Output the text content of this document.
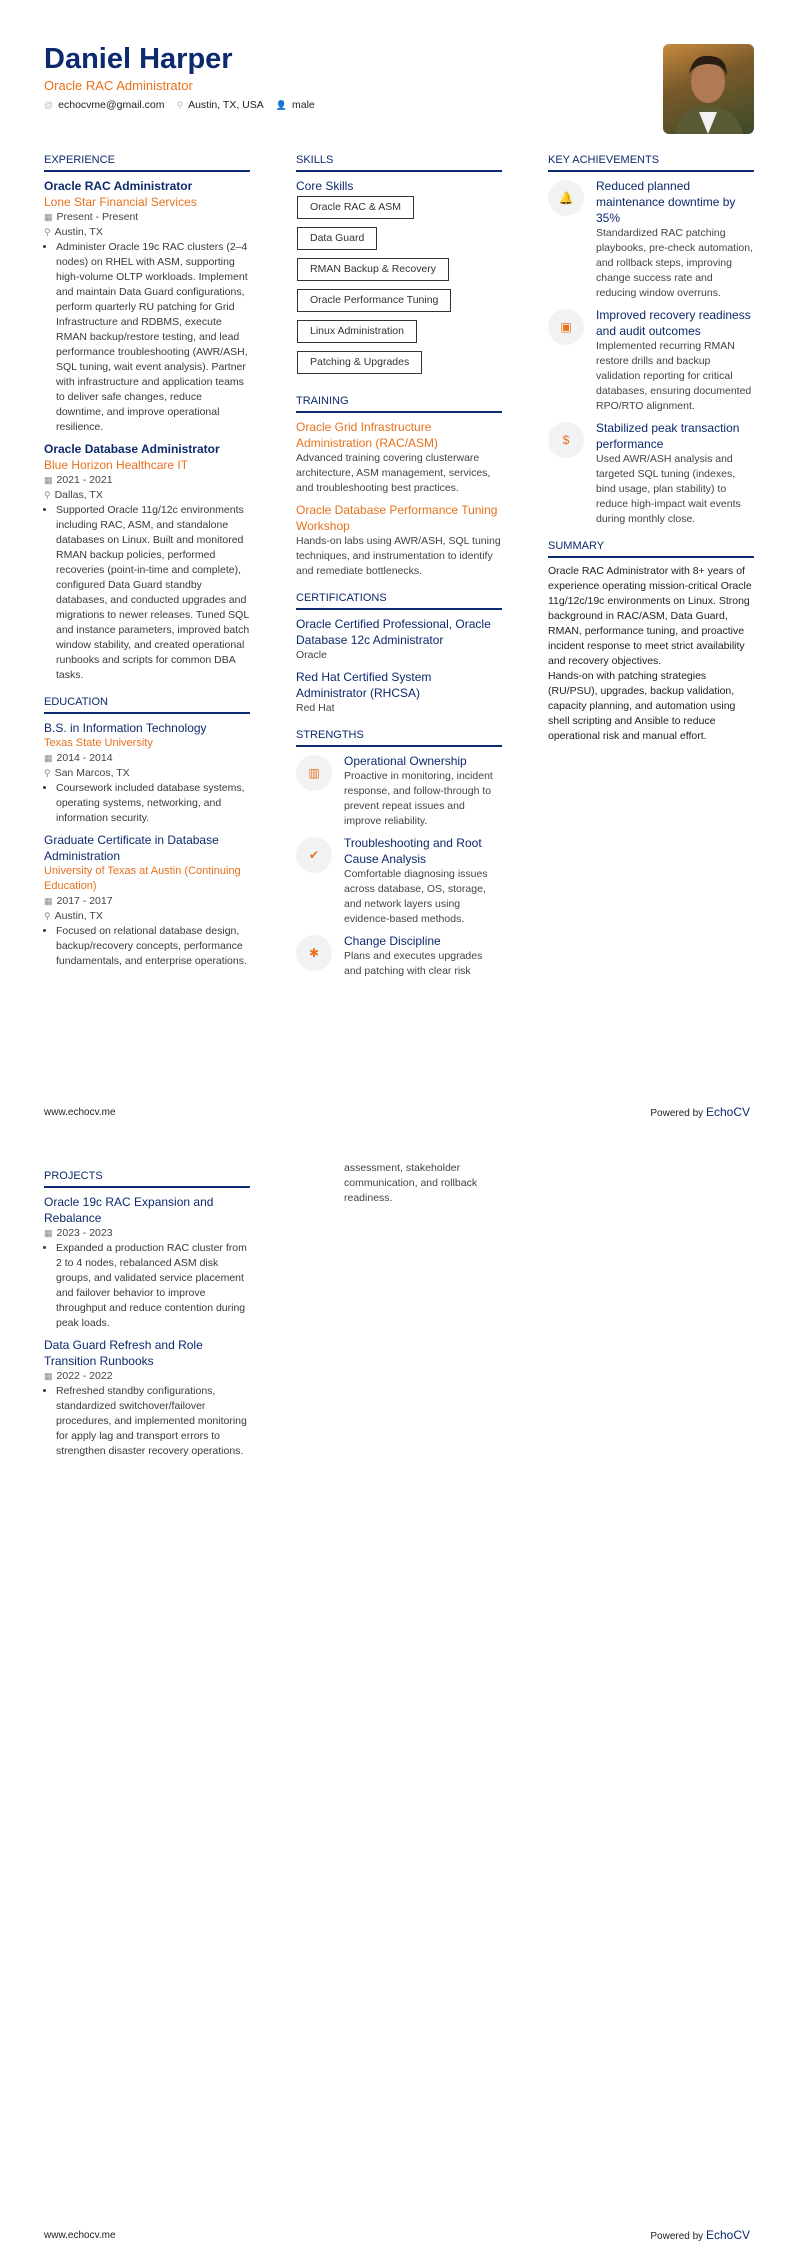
Daniel Harper
Oracle RAC Administrator
@ echocvme@gmail.com ⚲ Austin, TX, USA 👤 male
EXPERIENCE
Oracle RAC Administrator
Lone Star Financial Services
▦ Present - Present
⚲ Austin, TX
• Administer Oracle 19c RAC clusters (2–4 nodes) on RHEL with ASM, supporting high-volume OLTP workloads. Implement and maintain Data Guard configurations, perform quarterly RU patching for Grid Infrastructure and RDBMS, execute RMAN backup/restore testing, and lead performance troubleshooting (AWR/ASH, SQL tuning, wait event analysis). Partner with infrastructure and application teams to deliver safe changes, reduce downtime, and improve operational resilience.
Oracle Database Administrator
Blue Horizon Healthcare IT
▦ 2021 - 2021
⚲ Dallas, TX
• Supported Oracle 11g/12c environments including RAC, ASM, and standalone databases on Linux. Built and monitored RMAN backup policies, performed recoveries (point-in-time and complete), configured Data Guard standby databases, and conducted upgrades and migrations to newer releases. Tuned SQL and instance parameters, improved batch window stability, and created operational runbooks and scripts for common DBA tasks.
EDUCATION
B.S. in Information Technology
Texas State University
▦ 2014 - 2014
⚲ San Marcos, TX
• Coursework included database systems, operating systems, networking, and information security.
Graduate Certificate in Database Administration
University of Texas at Austin (Continuing Education)
▦ 2017 - 2017
⚲ Austin, TX
• Focused on relational database design, backup/recovery concepts, performance fundamentals, and enterprise operations.
SKILLS
Core Skills
Oracle RAC & ASM
Data Guard
RMAN Backup & Recovery
Oracle Performance Tuning
Linux Administration
Patching & Upgrades
TRAINING
Oracle Grid Infrastructure Administration (RAC/ASM)
Advanced training covering clusterware architecture, ASM management, services, and troubleshooting best practices.
Oracle Database Performance Tuning Workshop
Hands-on labs using AWR/ASH, SQL tuning techniques, and instrumentation to identify and remediate bottlenecks.
CERTIFICATIONS
Oracle Certified Professional, Oracle Database 12c Administrator
Oracle
Red Hat Certified System Administrator (RHCSA)
Red Hat
STRENGTHS
▥
Operational Ownership
Proactive in monitoring, incident response, and follow-through to prevent repeat issues and improve reliability.
✔
Troubleshooting and Root Cause Analysis
Comfortable diagnosing issues across database, OS, storage, and network layers using evidence-based methods.
✱
Change Discipline
Plans and executes upgrades and patching with clear risk
KEY ACHIEVEMENTS
🔔
Reduced planned maintenance downtime by 35%
Standardized RAC patching playbooks, pre-check automation, and rollback steps, improving change success rate and reducing window overruns.
▣
Improved recovery readiness and audit outcomes
Implemented recurring RMAN restore drills and backup validation reporting for critical databases, ensuring documented RPO/RTO alignment.
$
Stabilized peak transaction performance
Used AWR/ASH analysis and targeted SQL tuning (indexes, bind usage, plan stability) to reduce high-impact wait events during monthly close.
SUMMARY
Oracle RAC Administrator with 8+ years of experience operating mission-critical Oracle 11g/12c/19c environments on Linux. Strong background in RAC/ASM, Data Guard, RMAN, performance tuning, and proactive incident response to meet strict availability and recovery objectives.
Hands-on with patching strategies (RU/PSU), upgrades, backup validation, capacity planning, and automation using shell scripting and Ansible to reduce operational risk and manual effort.
www.echocv.me	Powered by EchoCV
PROJECTS
Oracle 19c RAC Expansion and Rebalance
▦ 2023 - 2023
• Expanded a production RAC cluster from 2 to 4 nodes, rebalanced ASM disk groups, and validated service placement and failover behavior to improve throughput and reduce contention during peak loads.
Data Guard Refresh and Role Transition Runbooks
▦ 2022 - 2022
• Refreshed standby configurations, standardized switchover/failover procedures, and implemented monitoring for apply lag and transport errors to strengthen disaster recovery operations.
assessment, stakeholder communication, and rollback readiness.
www.echocv.me	Powered by EchoCV
